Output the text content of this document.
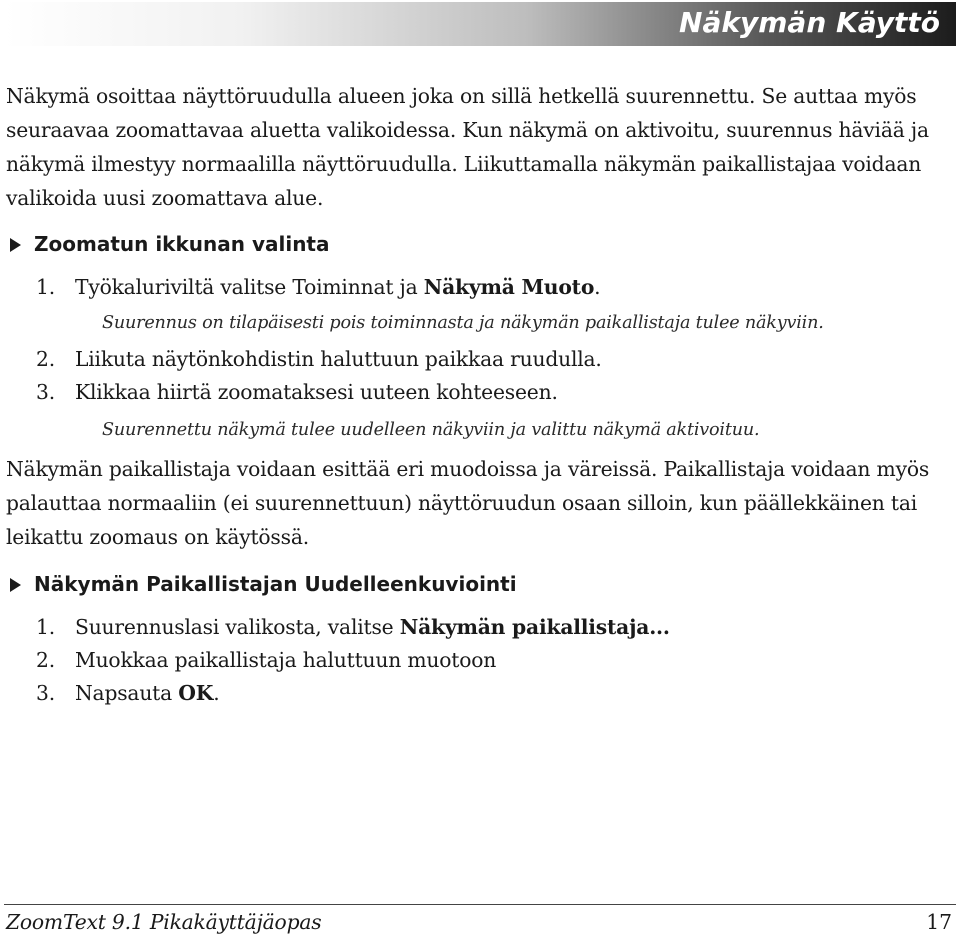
Näkymän Käyttö

Näkymä osoittaa näyttöruudulla alueen joka on sillä hetkellä suurennettu. Se auttaa myös seuraavaa zoomattavaa aluetta valikoidessa. Kun näkymä on aktivoitu, suurennus häviää ja näkymä ilmestyy normaalilla näyttöruudulla. Liikuttamalla näkymän paikallistajaa voidaan valikoida uusi zoomattava alue.

Zoomatun ikkunan valinta

1. Työkaluriviltä valitse Toiminnat ja Näkymä Muoto.

Suurennus on tilapäisesti pois toiminnasta ja näkymän paikallistaja tulee näkyviin.

2. Liikuta näytönkohdistin haluttuun paikkaa ruudulla.

3. Klikkaa hiirtä zoomataksesi uuteen kohteeseen.

Suurennettu näkymä tulee uudelleen näkyviin ja valittu näkymä aktivoituu.

Näkymän paikallistaja voidaan esittää eri muodoissa ja väreissä. Paikallistaja voidaan myös palauttaa normaaliin (ei suurennettuun) näyttöruudun osaan silloin, kun päällekkäinen tai leikattu zoomaus on käytössä.

Näkymän Paikallistajan Uudelleenkuviointi

1. Suurennuslasi valikosta, valitse Näkymän paikallistaja...

2. Muokkaa paikallistaja haluttuun muotoon

3. Napsauta OK.

ZoomText 9.1 Pikakäyttäjäopas	17
